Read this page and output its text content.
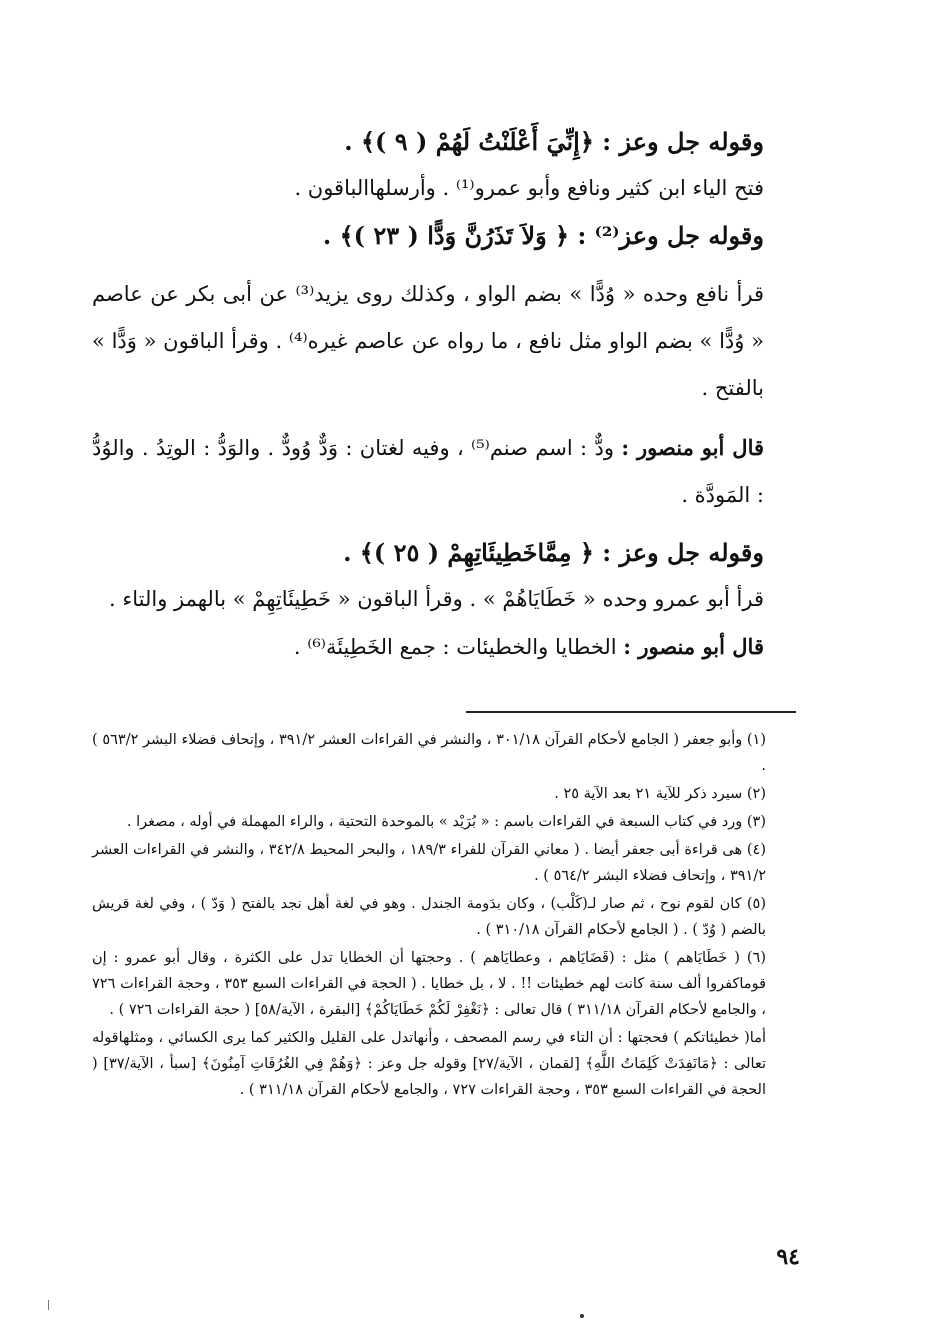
وقوله جل وعز : ﴿إِنِّيَ أَعْلَنْتُ لَهُمْ ( ٩ )﴾ .

فتح الياء ابن كثير ونافع وأبو عمرو⁽¹⁾ . وأرسلهاالباقون .

وقوله جل وعز⁽²⁾ : ﴿ وَلاَ تَذَرُنَّ وَدًّا ( ٢٣ )﴾ .

قرأ نافع وحده « وُدًّا » بضم الواو ، وكذلك روى يزيد⁽³⁾ عن أبى بكر عن عاصم « وُدًّا » بضم الواو مثل نافع ، ما رواه عن عاصم غيره⁽⁴⁾ . وقرأ الباقون « وَدًّا » بالفتح .

قال أبو منصور : ودٌّ : اسم صنم⁽⁵⁾ ، وفيه لغتان : وَدٌّ وُودٌّ . والوَدُّ : الوتِدُ . والوُدُّ : المَودَّة .

وقوله جل وعز : ﴿ مِمَّاخَطِيئَاتِهِمْ ( ٢٥ )﴾ .

قرأ أبو عمرو وحده « خَطَايَاهُمْ » . وقرأ الباقون « خَطِيئَاتِهِمْ » بالهمز والتاء .

قال أبو منصور : الخطايا والخطيئات : جمع الخَطِيئَة⁽⁶⁾ .

(١) وأبو جعفر ( الجامع لأحكام القرآن ٣٠١/١٨ ، والنشر في القراءات العشر ٣٩١/٢ ، وإتحاف فضلاء البشر ٥٦٣/٢ ) .

(٢) سيرد ذكر للآية ٢١ بعد الآية ٢٥ .

(٣) ورد في كتاب السبعة في القراءات باسم : « بُرَيْد » بالموحدة التحتية ، والراء المهملة في أوله ، مصغرا .

(٤) هى قراءة أبى جعفر أيضا . ( معاني القرآن للفراء ١٨٩/٣ ، والبحر المحيط ٣٤٢/٨ ، والنشر في القراءات العشر ٣٩١/٢ ، وإتحاف فضلاء البشر ٥٦٤/٢ ) .

(٥) كان لقوم نوح ، ثم صار لـ(كَلْب) ، وكان بدَومة الجندل . وهو في لغة أهل نجد بالفتح ( وَدّ ) ، وفي لغة قريش بالضم ( وُدّ ) . ( الجامع لأحكام القرآن ٣١٠/١٨ ) .

(٦) ( خَطَايَاهم ) مثل : (قَضَايَاهم ، وعطايَاهم ) . وحجتها أن الخطايا تدل على الكثرة ، وقال أبو عمرو : إن قوماكفروا ألف سنة كانت لهم خطيئات !! . لا ، بل خطايا . ( الحجة في القراءات السبع ٣٥٣ ، وحجة القراءات ٧٢٦ ، والجامع لأحكام القرآن ٣١١/١٨ ) قال تعالى : ﴿نَغْفِرْ لَكُمْ خَطَايَاكُمْ﴾ [البقرة ، الآية/٥٨] ( حجة القراءات ٧٢٦ ) .

أما( خطيئاتكم ) فحجتها : أن التاء في رسم المصحف ، وأنهاتدل على القليل والكثير كما يرى الكسائي ، ومثلهاقوله تعالى : ﴿مَانَفِدَتْ كَلِمَاتُ اللَّهِ﴾ [لقمان ، الآية/٢٧] وقوله جل وعز : ﴿وَهُمْ فِي الغُرُفَاتِ آمِنُونَ﴾ [سبأ ، الآية/٣٧] ( الحجة في القراءات السبع ٣٥٣ ، وحجة القراءات ٧٢٧ ، والجامع لأحكام القرآن ٣١١/١٨ ) .

٩٤
